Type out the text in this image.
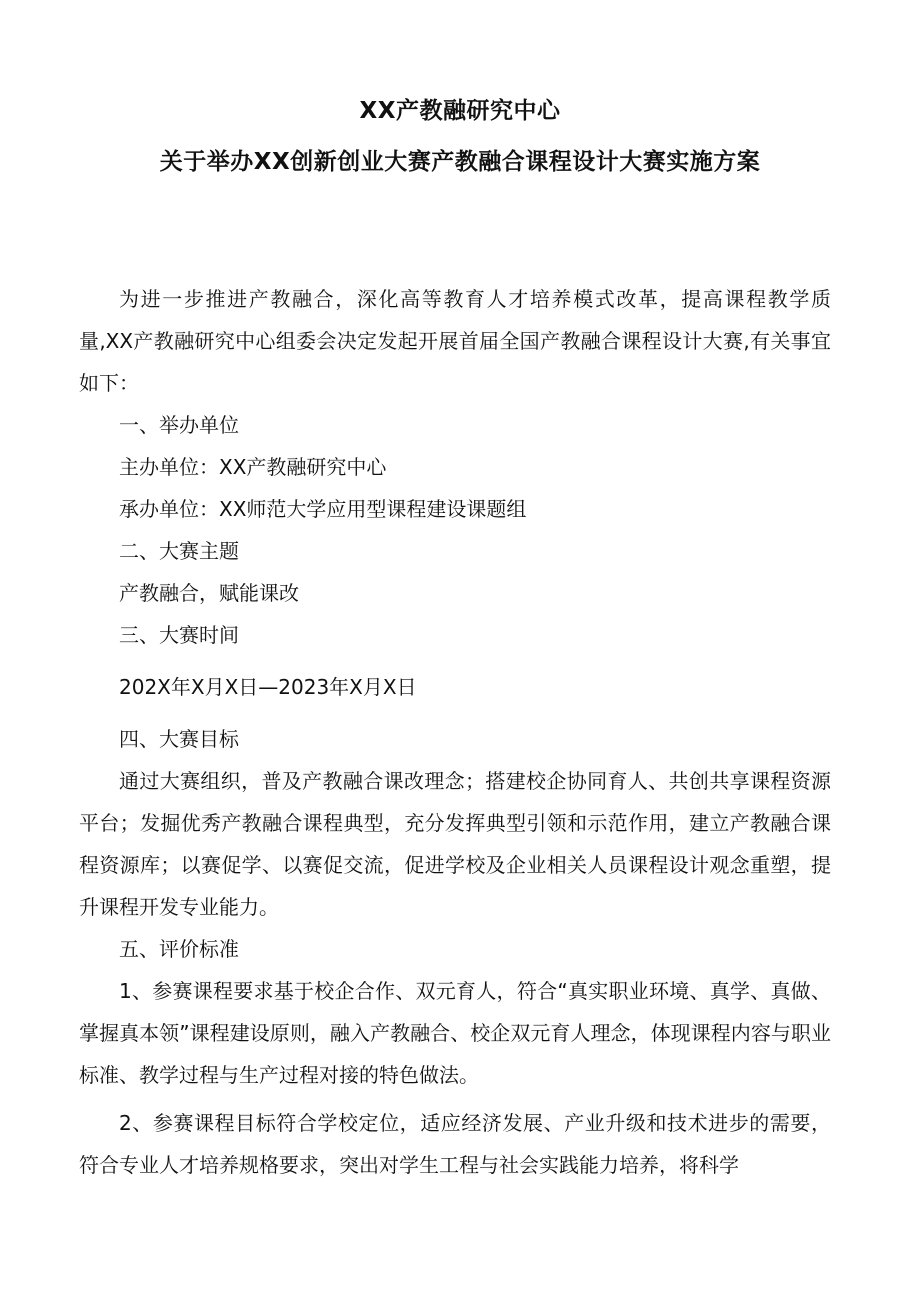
XX产教融研究中心
关于举办XX创新创业大赛产教融合课程设计大赛实施方案

为进一步推进产教融合，深化高等教育人才培养模式改革，提高课程教学质量,XX产教融研究中心组委会决定发起开展首届全国产教融合课程设计大赛,有关事宜如下：

一、举办单位

主办单位：XX产教融研究中心

承办单位：XX师范大学应用型课程建设课题组

二、大赛主题

产教融合，赋能课改

三、大赛时间

202X年X月X日—2023年X月X日

四、大赛目标

通过大赛组织，普及产教融合课改理念；搭建校企协同育人、共创共享课程资源平台；发掘优秀产教融合课程典型，充分发挥典型引领和示范作用，建立产教融合课程资源库；以赛促学、以赛促交流，促进学校及企业相关人员课程设计观念重塑，提升课程开发专业能力。

五、评价标准

1、参赛课程要求基于校企合作、双元育人，符合“真实职业环境、真学、真做、掌握真本领”课程建设原则，融入产教融合、校企双元育人理念，体现课程内容与职业标准、教学过程与生产过程对接的特色做法。

2、参赛课程目标符合学校定位，适应经济发展、产业升级和技术进步的需要，符合专业人才培养规格要求，突出对学生工程与社会实践能力培养，将科学
